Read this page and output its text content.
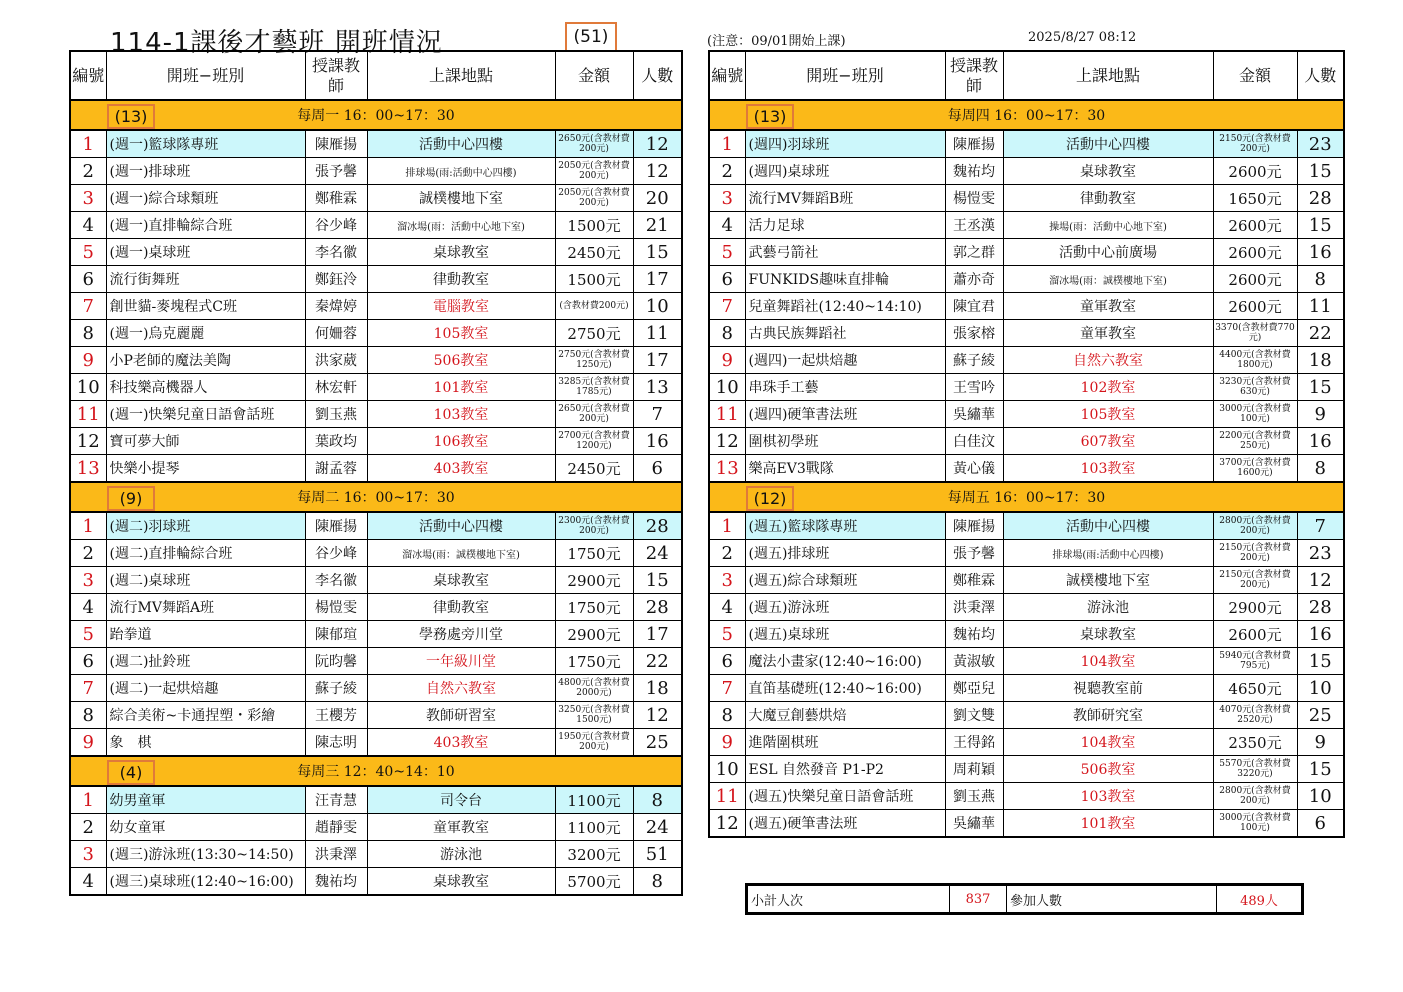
114-1課後才藝班 開班情況	(51)	(注意：09/01開始上課)	2025/8/27 08:12
編號	開班−班別	授課教師	上課地點	金額	人數

(13) 每周一 16：00~17：30					
1	(週一)籃球隊專班	陳雁揚	活動中心四樓	2650元(含教材費200元)	12
2	(週一)排球班	張予馨	排球場(雨:活動中心四樓)	2050元(含教材費200元)	12
3	(週一)綜合球類班	鄭稚霖	誠樸樓地下室	2050元(含教材費200元)	20
4	(週一)直排輪綜合班	谷少峰	溜冰場(雨：活動中心地下室)	1500元	21
5	(週一)桌球班	李名徽	桌球教室	2450元	15
6	流行街舞班	鄭鈺泠	律動教室	1500元	17
7	創世貓-麥塊程式C班	秦煒婷	電腦教室	(含教材費200元)	10
8	(週一)烏克麗麗	何姍蓉	105教室	2750元	11
9	小P老師的魔法美陶	洪家葳	506教室	2750元(含教材費1250元)	17
10	科技樂高機器人	林宏軒	101教室	3285元(含教材費1785元)	13
11	(週一)快樂兒童日語會話班	劉玉燕	103教室	2650元(含教材費200元)	7
12	寶可夢大師	葉政均	106教室	2700元(含教材費1200元)	16
13	快樂小提琴	謝孟蓉	403教室	2450元	6

(9) 每周二 16：00~17：30					
1	(週二)羽球班	陳雁揚	活動中心四樓	2300元(含教材費200元)	28
2	(週二)直排輪綜合班	谷少峰	溜冰場(雨：誠樸樓地下室)	1750元	24
3	(週二)桌球班	李名徽	桌球教室	2900元	15
4	流行MV舞蹈A班	楊愷雯	律動教室	1750元	28
5	跆拳道	陳郁瑄	學務處旁川堂	2900元	17
6	(週二)扯鈴班	阮昀馨	一年級川堂	1750元	22
7	(週二)一起烘焙趣	蘇子綾	自然六教室	4800元(含教材費2000元)	18
8	綜合美術~卡通捏塑・彩繪	王櫻芳	教師研習室	3250元(含教材費1500元)	12
9	象　棋	陳志明	403教室	1950元(含教材費200元)	25

(4) 每周三 12：40~14：10					
1	幼男童軍	汪青慧	司令台	1100元	8
2	幼女童軍	趙靜雯	童軍教室	1100元	24
3	(週三)游泳班(13:30~14:50)	洪秉澤	游泳池	3200元	51
4	(週三)桌球班(12:40~16:00)	魏祐均	桌球教室	5700元	8
編號	開班−班別	授課教師	上課地點	金額	人數

(13) 每周四 16：00~17：30					
1	(週四)羽球班	陳雁揚	活動中心四樓	2150元(含教材費200元)	23
2	(週四)桌球班	魏祐均	桌球教室	2600元	15
3	流行MV舞蹈B班	楊愷雯	律動教室	1650元	28
4	活力足球	王丞漢	操場(雨：活動中心地下室)	2600元	15
5	武藝弓箭社	郭之群	活動中心前廣場	2600元	16
6	FUNKIDS趣味直排輪	蕭亦奇	溜冰場(雨：誠樸樓地下室)	2600元	8
7	兒童舞蹈社(12:40~14:10)	陳宜君	童軍教室	2600元	11
8	古典民族舞蹈社	張家榕	童軍教室	3370(含教材費770元)	22
9	(週四)一起烘焙趣	蘇子綾	自然六教室	4400元(含教材費1800元)	18
10	串珠手工藝	王雪吟	102教室	3230元(含教材費630元)	15
11	(週四)硬筆書法班	吳繡華	105教室	3000元(含教材費100元)	9
12	圍棋初學班	白佳汶	607教室	2200元(含教材費250元)	16
13	樂高EV3戰隊	黃心儀	103教室	3700元(含教材費1600元)	8

(12) 每周五 16：00~17：30					
1	(週五)籃球隊專班	陳雁揚	活動中心四樓	2800元(含教材費200元)	7
2	(週五)排球班	張予馨	排球場(雨:活動中心四樓)	2150元(含教材費200元)	23
3	(週五)綜合球類班	鄭稚霖	誠樸樓地下室	2150元(含教材費200元)	12
4	(週五)游泳班	洪秉澤	游泳池	2900元	28
5	(週五)桌球班	魏祐均	桌球教室	2600元	16
6	魔法小畫家(12:40~16:00)	黃淑敏	104教室	5940元(含教材費795元)	15
7	直笛基礎班(12:40~16:00)	鄭亞兒	視聽教室前	4650元	10
8	大魔豆創藝烘焙	劉文雙	教師研究室	4070元(含教材費2520元)	25
9	進階圍棋班	王得銘	104教室	2350元	9
10	ESL 自然發音 P1-P2	周莉穎	506教室	5570元(含教材費3220元)	15
11	(週五)快樂兒童日語會話班	劉玉燕	103教室	2800元(含教材費200元)	10
12	(週五)硬筆書法班	吳繡華	101教室	3000元(含教材費100元)	6
小計人次	837	參加人數	489人
